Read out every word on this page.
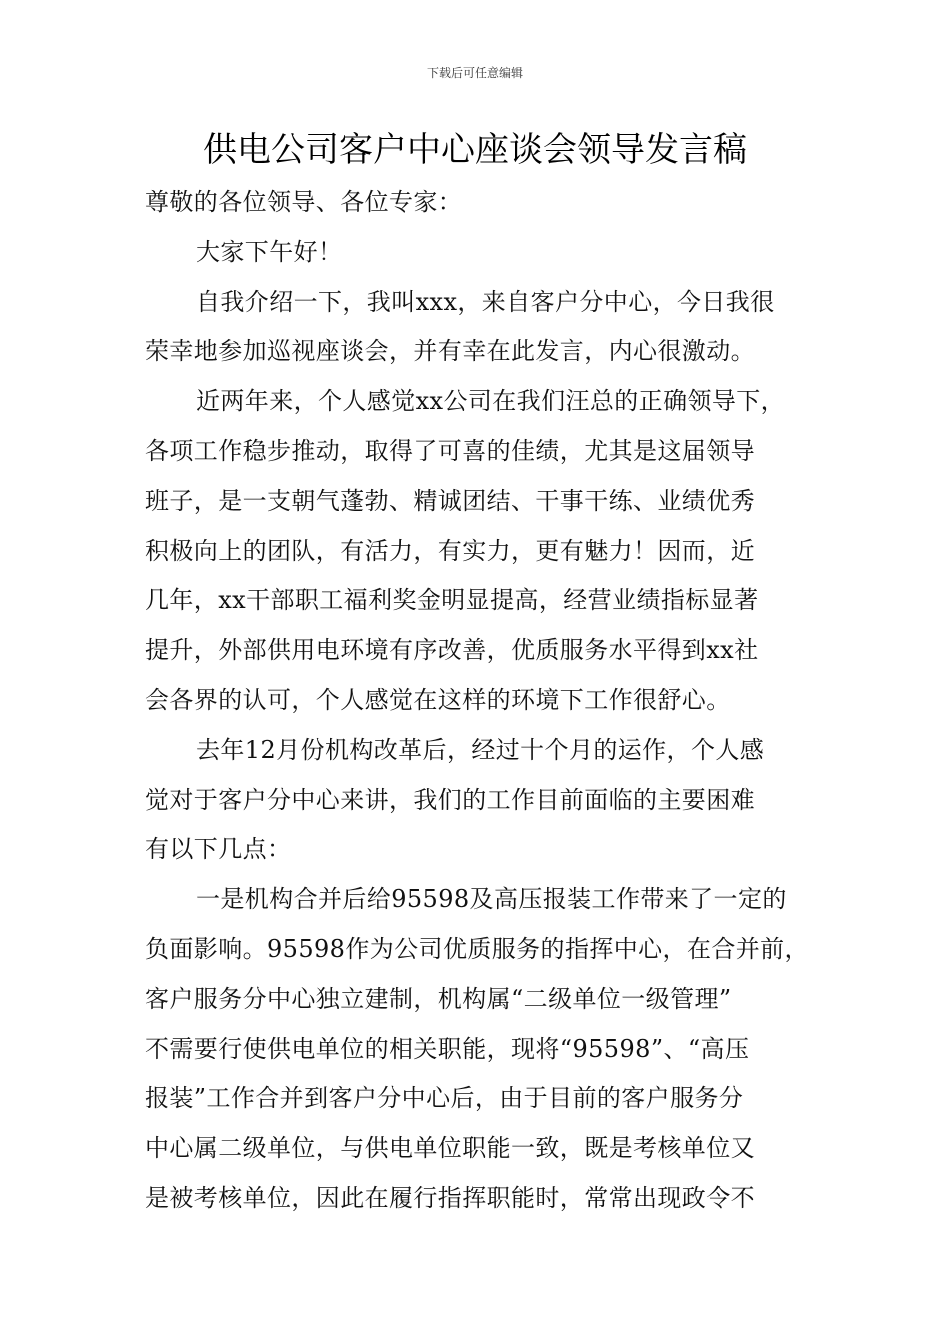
下载后可任意编辑
供电公司客户中心座谈会领导发言稿

尊敬的各位领导、各位专家：

大家下午好！

自我介绍一下，我叫xxx，来自客户分中心，今日我很

荣幸地参加巡视座谈会，并有幸在此发言，内心很激动。

近两年来，个人感觉xx公司在我们汪总的正确领导下，

各项工作稳步推动，取得了可喜的佳绩，尤其是这届领导

班子，是一支朝气蓬勃、精诚团结、干事干练、业绩优秀

积极向上的团队，有活力，有实力，更有魅力！因而，近

几年，xx干部职工福利奖金明显提高，经营业绩指标显著

提升，外部供用电环境有序改善，优质服务水平得到xx社

会各界的认可，个人感觉在这样的环境下工作很舒心。

去年12月份机构改革后，经过十个月的运作，个人感

觉对于客户分中心来讲，我们的工作目前面临的主要困难

有以下几点：

一是机构合并后给95598及高压报装工作带来了一定的

负面影响。95598作为公司优质服务的指挥中心，在合并前，

客户服务分中心独立建制，机构属“二级单位一级管理”

不需要行使供电单位的相关职能，现将“95598”、“高压

报装”工作合并到客户分中心后，由于目前的客户服务分

中心属二级单位，与供电单位职能一致，既是考核单位又

是被考核单位，因此在履行指挥职能时，常常出现政令不
